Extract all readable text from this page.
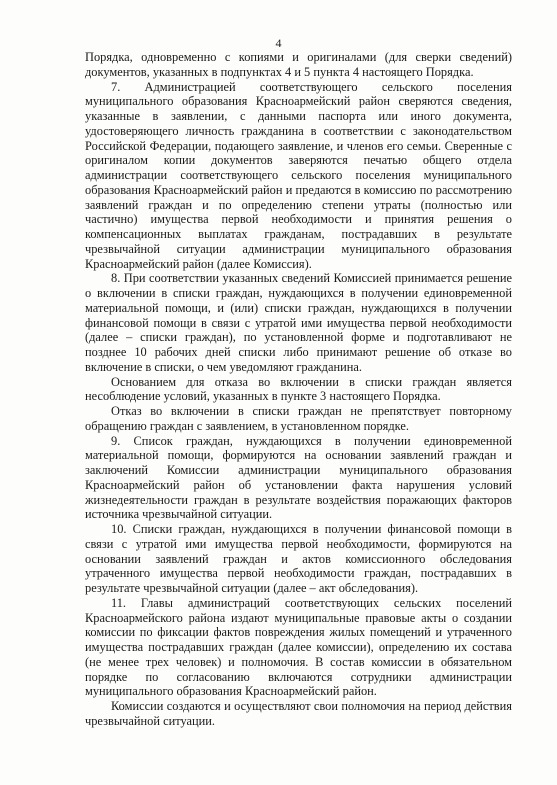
4

Порядка, одновременно с копиями и оригиналами (для сверки сведений) документов, указанных в подпунктах 4 и 5 пункта 4 настоящего Порядка.

7. Администрацией соответствующего сельского поселения муниципального образования Красноармейский район сверяются сведения, указанные в заявлении, с данными паспорта или иного документа, удостоверяющего личность гражданина в соответствии с законодательством Российской Федерации, подающего заявление, и членов его семьи. Сверенные с оригиналом копии документов заверяются печатью общего отдела администрации соответствующего сельского поселения муниципального образования Красноармейский район и предаются в комиссию по рассмотрению заявлений граждан и по определению степени утраты (полностью или частично) имущества первой необходимости и принятия решения о компенсационных выплатах гражданам, пострадавших в результате чрезвычайной ситуации администрации муниципального образования Красноармейский район (далее Комиссия).

8. При соответствии указанных сведений Комиссией принимается решение о включении в списки граждан, нуждающихся в получении единовременной материальной помощи, и (или) списки граждан, нуждающихся в получении финансовой помощи в связи с утратой ими имущества первой необходимости (далее – списки граждан), по установленной форме и подготавливают не позднее 10 рабочих дней списки либо принимают решение об отказе во включение в списки, о чем уведомляют гражданина.

Основанием для отказа во включении в списки граждан является несоблюдение условий, указанных в пункте 3 настоящего Порядка.

Отказ во включении в списки граждан не препятствует повторному обращению граждан с заявлением, в установленном порядке.

9. Список граждан, нуждающихся в получении единовременной материальной помощи, формируются на основании заявлений граждан и заключений Комиссии администрации муниципального образования Красноармейский район об установлении факта нарушения условий жизнедеятельности граждан в результате воздействия поражающих факторов источника чрезвычайной ситуации.

10. Списки граждан, нуждающихся в получении финансовой помощи в связи с утратой ими имущества первой необходимости, формируются на основании заявлений граждан и актов комиссионного обследования утраченного имущества первой необходимости граждан, пострадавших в результате чрезвычайной ситуации (далее – акт обследования).

11. Главы администраций соответствующих сельских поселений Красноармейского района издают муниципальные правовые акты о создании комиссии по фиксации фактов повреждения жилых помещений и утраченного имущества пострадавших граждан (далее комиссии), определению их состава (не менее трех человек) и полномочия. В состав комиссии в обязательном порядке по согласованию включаются сотрудники администрации муниципального образования Красноармейский район.

Комиссии создаются и осуществляют свои полномочия на период действия чрезвычайной ситуации.
